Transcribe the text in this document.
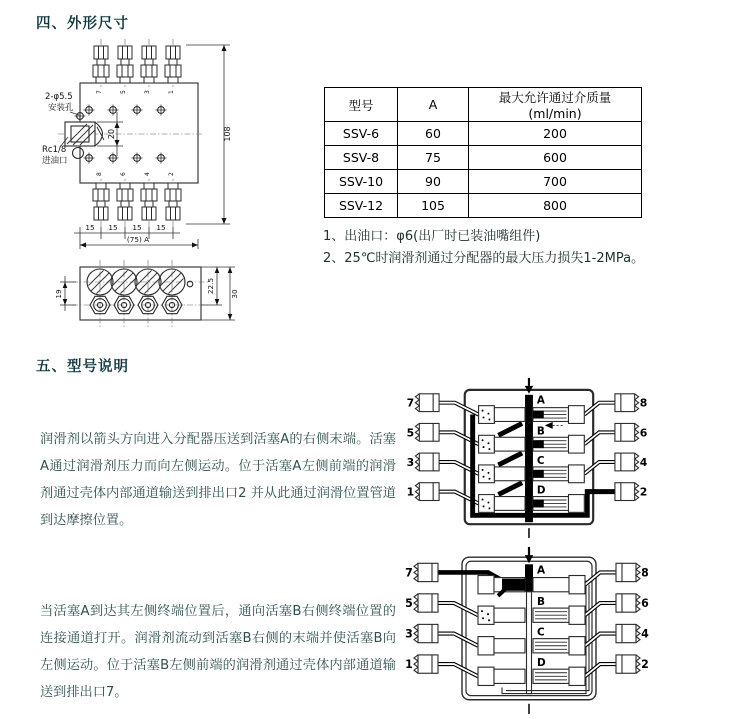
四、外形尺寸
7	5	3	1
8	6	4	2
20
2-φ5.5
安装孔
Rc1/8
进油口
108
15 15 15 15
(75) A
19	22.5 30
型号	A	最大允许通过介质量(ml/min)
SSV-6	60	200
SSV-8	75	600
SSV-10	90	700
SSV-12	105	800
1、出油口：φ6(出厂时已装油嘴组件)
2、25℃时润滑剂通过分配器的最大压力损失1-2MPa。
五、型号说明

润滑剂以箭头方向进入分配器压送到活塞A的右侧末端。活塞A通过润滑剂压力而向左侧运动。位于活塞A左侧前端的润滑剂通过壳体内部通道输送到排出口2 并从此通过润滑位置管道到达摩擦位置。

当活塞A到达其左侧终端位置后，通向活塞B右侧终端位置的连接通道打开。润滑剂流动到活塞B右侧的末端并使活塞B向左侧运动。位于活塞B左侧前端的润滑剂通过壳体内部通道输送到排出口7。

7
5
3
1
8
6
4
2
A
B
C
D
7
5
3
1
8
6
4
2
A
B
C
D
